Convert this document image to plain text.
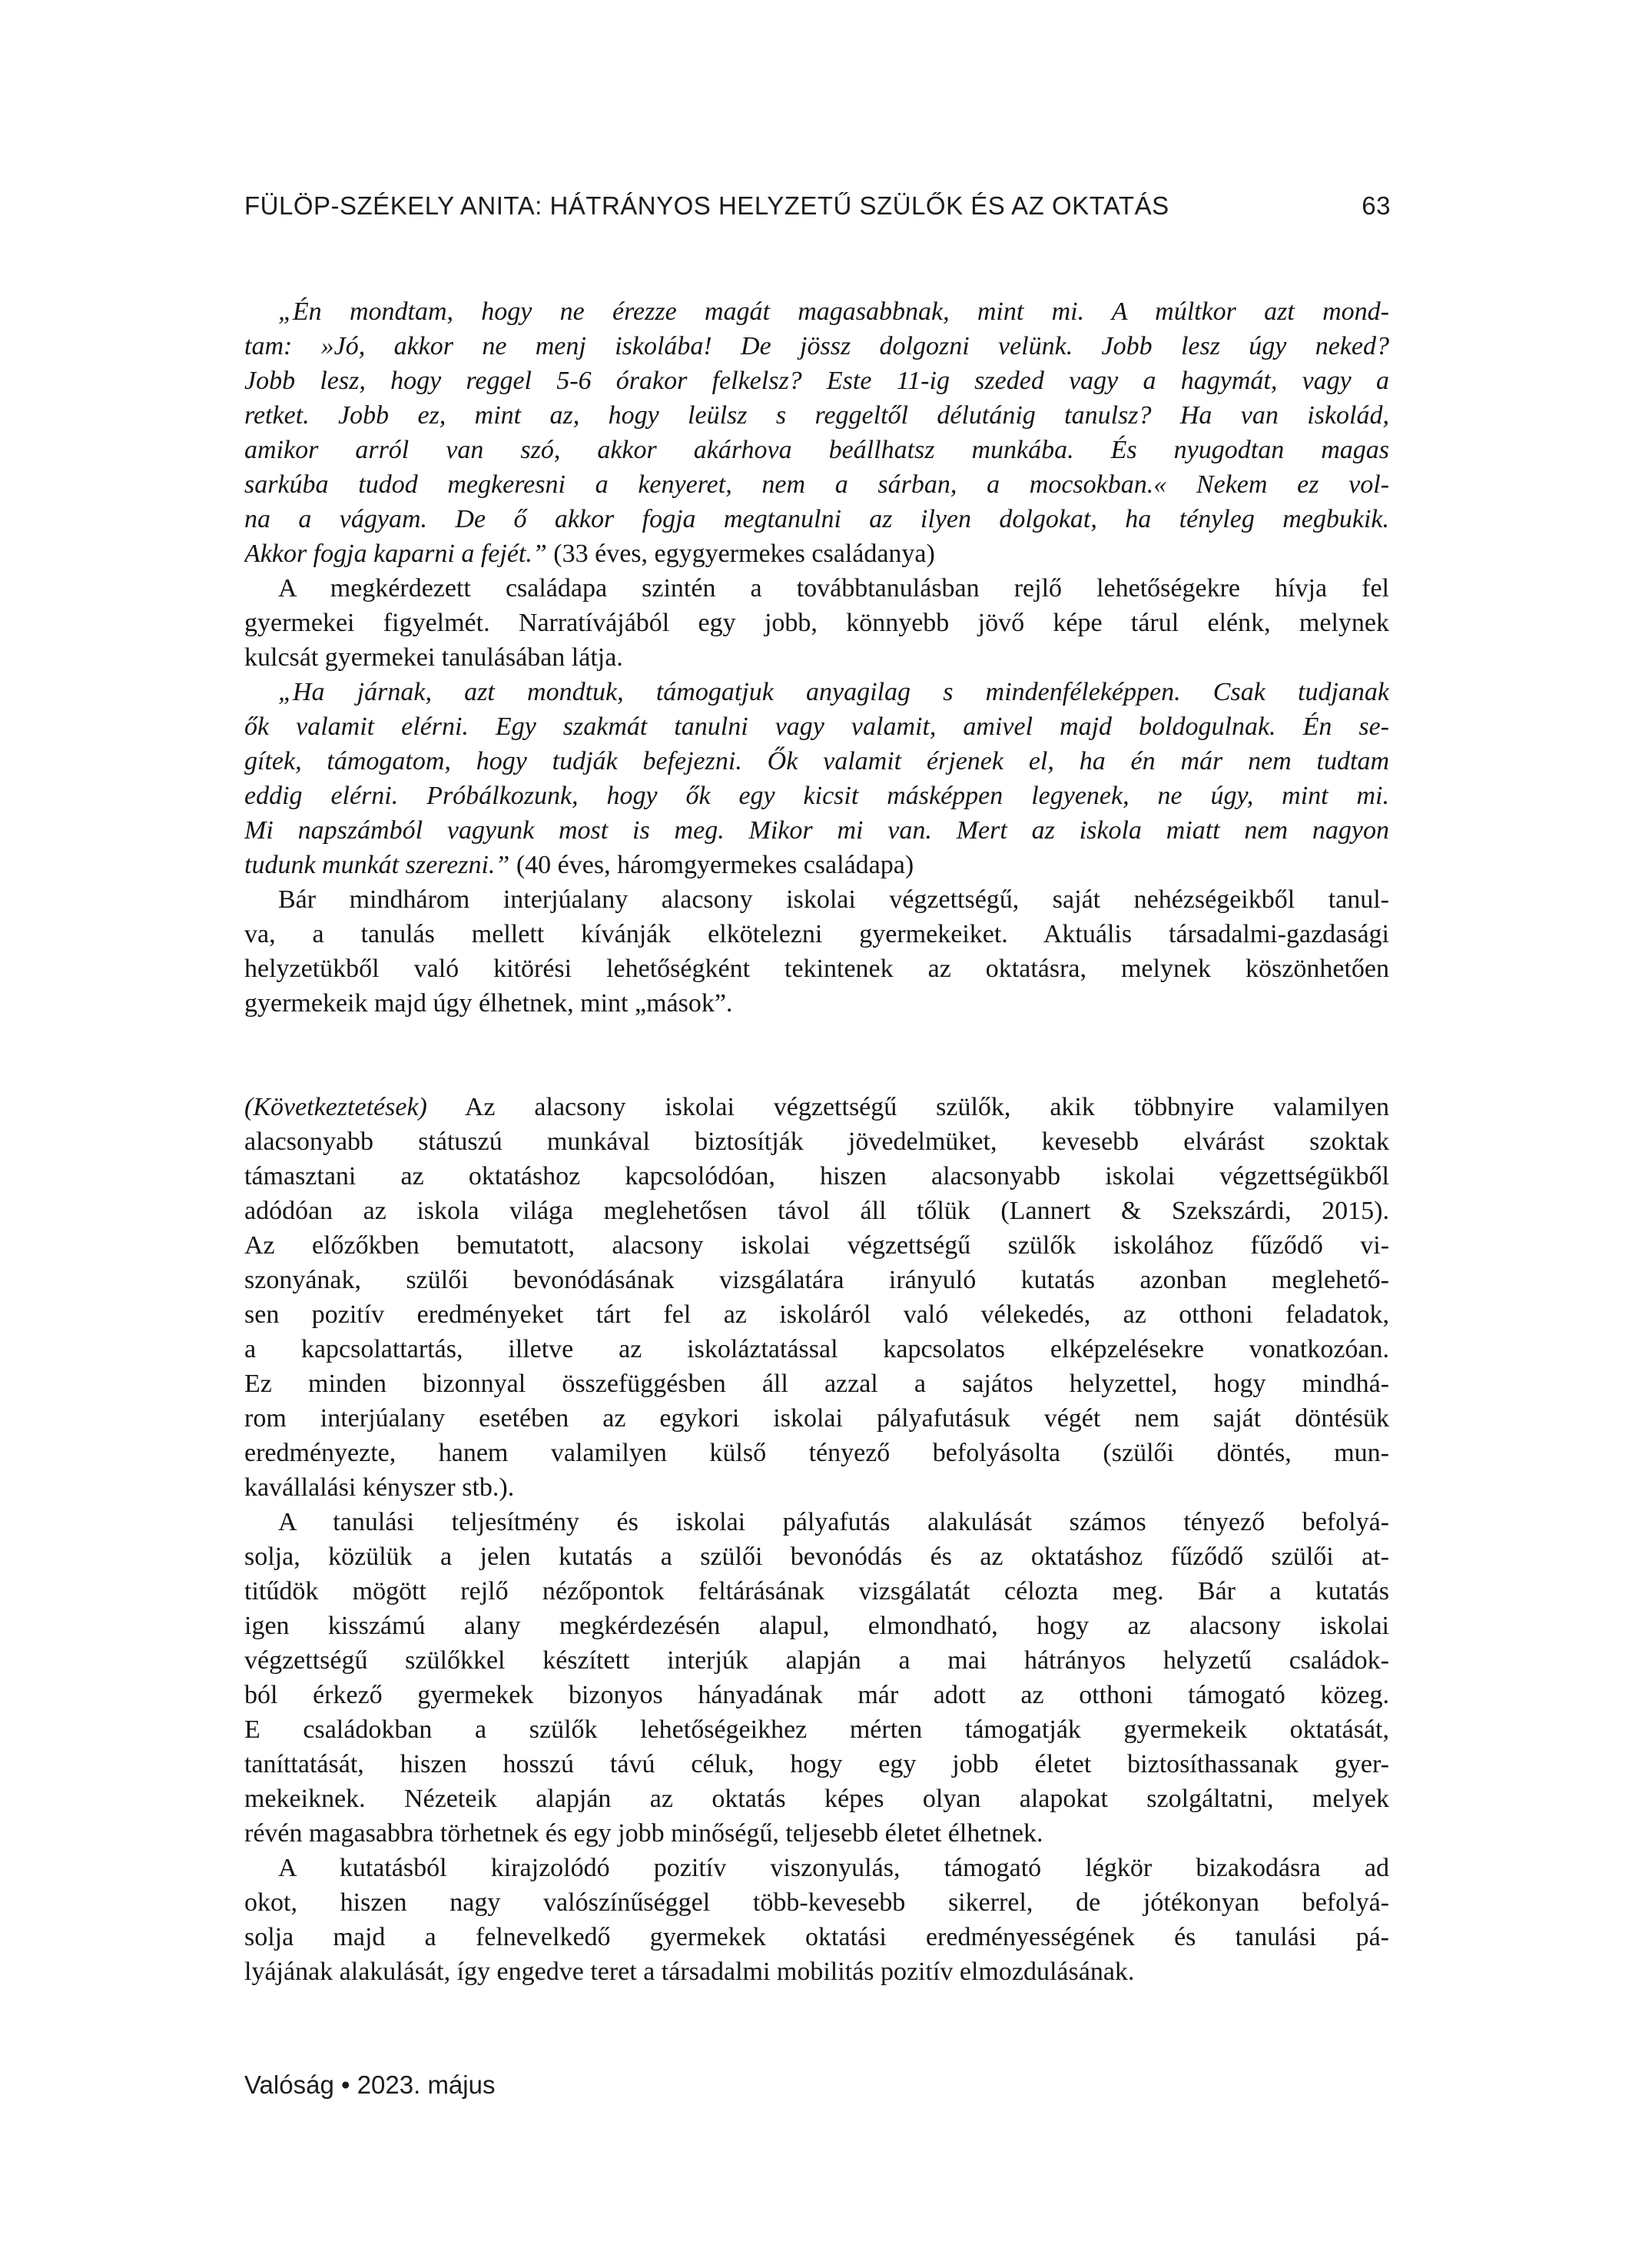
FÜLÖP-SZÉKELY ANITA: HÁTRÁNYOS HELYZETŰ SZÜLŐK ÉS AZ OKTATÁS	63
„Én mondtam, hogy ne érezze magát magasabbnak, mint mi. A múltkor azt mond-
tam: »Jó, akkor ne menj iskolába! De jössz dolgozni velünk. Jobb lesz úgy neked?
Jobb lesz, hogy reggel 5-6 órakor felkelsz? Este 11-ig szeded vagy a hagymát, vagy a
retket. Jobb ez, mint az, hogy leülsz s reggeltől délutánig tanulsz? Ha van iskolád,
amikor arról van szó, akkor akárhova beállhatsz munkába. És nyugodtan magas
sarkúba tudod megkeresni a kenyeret, nem a sárban, a mocsokban.« Nekem ez vol-
na a vágyam. De ő akkor fogja megtanulni az ilyen dolgokat, ha tényleg megbukik.
Akkor fogja kaparni a fejét.” (33 éves, egygyermekes családanya)
A megkérdezett családapa szintén a továbbtanulásban rejlő lehetőségekre hívja fel
gyermekei figyelmét. Narratívájából egy jobb, könnyebb jövő képe tárul elénk, melynek
kulcsát gyermekei tanulásában látja.
„Ha járnak, azt mondtuk, támogatjuk anyagilag s mindenféleképpen. Csak tudjanak
ők valamit elérni. Egy szakmát tanulni vagy valamit, amivel majd boldogulnak. Én se-
gítek, támogatom, hogy tudják befejezni. Ők valamit érjenek el, ha én már nem tudtam
eddig elérni. Próbálkozunk, hogy ők egy kicsit másképpen legyenek, ne úgy, mint mi.
Mi napszámból vagyunk most is meg. Mikor mi van. Mert az iskola miatt nem nagyon
tudunk munkát szerezni.” (40 éves, háromgyermekes családapa)
Bár mindhárom interjúalany alacsony iskolai végzettségű, saját nehézségeikből tanul-
va, a tanulás mellett kívánják elkötelezni gyermekeiket. Aktuális társadalmi-gazdasági
helyzetükből való kitörési lehetőségként tekintenek az oktatásra, melynek köszönhetően
gyermekeik majd úgy élhetnek, mint „mások”.
(Következtetések) Az alacsony iskolai végzettségű szülők, akik többnyire valamilyen
alacsonyabb státuszú munkával biztosítják jövedelmüket, kevesebb elvárást szoktak
támasztani az oktatáshoz kapcsolódóan, hiszen alacsonyabb iskolai végzettségükből
adódóan az iskola világa meglehetősen távol áll tőlük (Lannert & Szekszárdi, 2015).
Az előzőkben bemutatott, alacsony iskolai végzettségű szülők iskolához fűződő vi-
szonyának, szülői bevonódásának vizsgálatára irányuló kutatás azonban meglehető-
sen pozitív eredményeket tárt fel az iskoláról való vélekedés, az otthoni feladatok,
a kapcsolattartás, illetve az iskoláztatással kapcsolatos elképzelésekre vonatkozóan.
Ez minden bizonnyal összefüggésben áll azzal a sajátos helyzettel, hogy mindhá-
rom interjúalany esetében az egykori iskolai pályafutásuk végét nem saját döntésük
eredményezte, hanem valamilyen külső tényező befolyásolta (szülői döntés, mun-
kavállalási kényszer stb.).
A tanulási teljesítmény és iskolai pályafutás alakulását számos tényező befolyá-
solja, közülük a jelen kutatás a szülői bevonódás és az oktatáshoz fűződő szülői at-
titűdök mögött rejlő nézőpontok feltárásának vizsgálatát célozta meg. Bár a kutatás
igen kisszámú alany megkérdezésén alapul, elmondható, hogy az alacsony iskolai
végzettségű szülőkkel készített interjúk alapján a mai hátrányos helyzetű családok-
ból érkező gyermekek bizonyos hányadának már adott az otthoni támogató közeg.
E családokban a szülők lehetőségeikhez mérten támogatják gyermekeik oktatását,
taníttatását, hiszen hosszú távú céluk, hogy egy jobb életet biztosíthassanak gyer-
mekeiknek. Nézeteik alapján az oktatás képes olyan alapokat szolgáltatni, melyek
révén magasabbra törhetnek és egy jobb minőségű, teljesebb életet élhetnek.
A kutatásból kirajzolódó pozitív viszonyulás, támogató légkör bizakodásra ad
okot, hiszen nagy valószínűséggel több-kevesebb sikerrel, de jótékonyan befolyá-
solja majd a felnevelkedő gyermekek oktatási eredményességének és tanulási pá-
lyájának alakulását, így engedve teret a társadalmi mobilitás pozitív elmozdulásának.
Valóság • 2023. május
